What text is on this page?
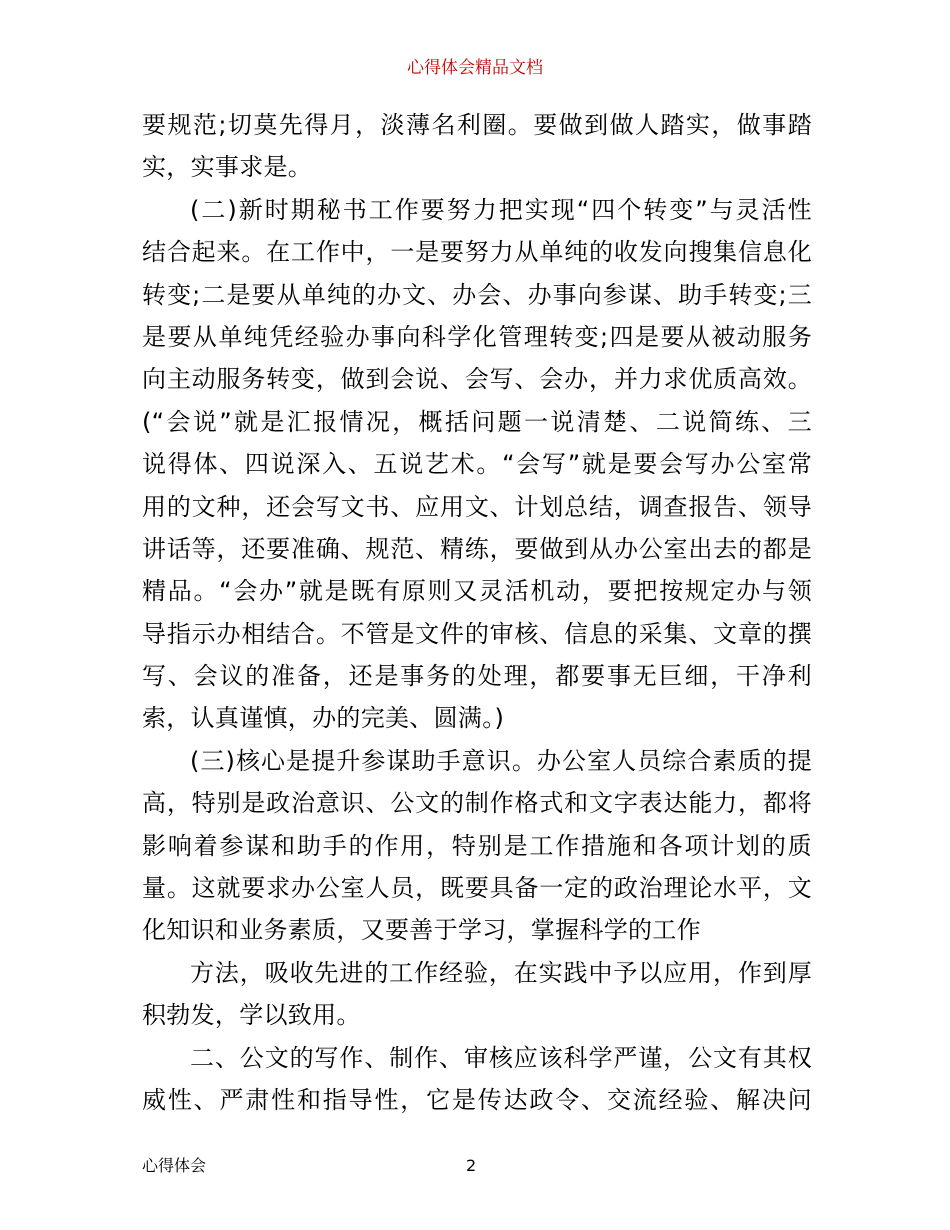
心得体会精品文档
要规范;切莫先得月，淡薄名利圈。要做到做人踏实，做事踏
实，实事求是。
(二)新时期秘书工作要努力把实现“四个转变”与灵活性
结合起来。在工作中，一是要努力从单纯的收发向搜集信息化
转变;二是要从单纯的办文、办会、办事向参谋、助手转变;三
是要从单纯凭经验办事向科学化管理转变;四是要从被动服务
向主动服务转变，做到会说、会写、会办，并力求优质高效。
(“会说”就是汇报情况，概括问题一说清楚、二说简练、三
说得体、四说深入、五说艺术。“会写”就是要会写办公室常
用的文种，还会写文书、应用文、计划总结，调查报告、领导
讲话等，还要准确、规范、精练，要做到从办公室出去的都是
精品。“会办”就是既有原则又灵活机动，要把按规定办与领
导指示办相结合。不管是文件的审核、信息的采集、文章的撰
写、会议的准备，还是事务的处理，都要事无巨细，干净利
索，认真谨慎，办的完美、圆满。)
(三)核心是提升参谋助手意识。办公室人员综合素质的提
高，特别是政治意识、公文的制作格式和文字表达能力，都将
影响着参谋和助手的作用，特别是工作措施和各项计划的质
量。这就要求办公室人员，既要具备一定的政治理论水平，文
化知识和业务素质，又要善于学习，掌握科学的工作
方法，吸收先进的工作经验，在实践中予以应用，作到厚
积勃发，学以致用。
二、公文的写作、制作、审核应该科学严谨，公文有其权
威性、严肃性和指导性，它是传达政令、交流经验、解决问
心得体会	2
